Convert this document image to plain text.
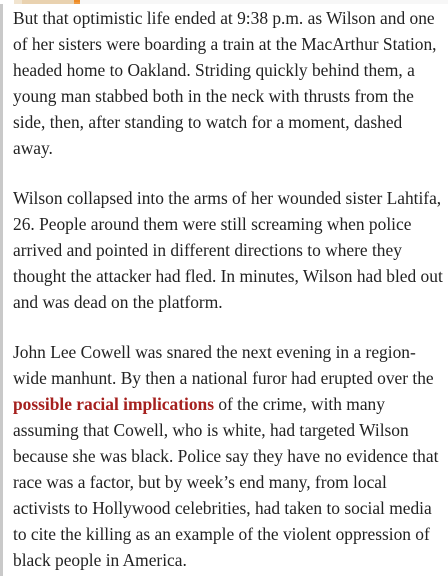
But that optimistic life ended at 9:38 p.m. as Wilson and one of her sisters were boarding a train at the MacArthur Station, headed home to Oakland. Striding quickly behind them, a young man stabbed both in the neck with thrusts from the side, then, after standing to watch for a moment, dashed away.

Wilson collapsed into the arms of her wounded sister Lahtifa, 26. People around them were still screaming when police arrived and pointed in different directions to where they thought the attacker had fled. In minutes, Wilson had bled out and was dead on the platform.

John Lee Cowell was snared the next evening in a region-wide manhunt. By then a national furor had erupted over the possible racial implications of the crime, with many assuming that Cowell, who is white, had targeted Wilson because she was black. Police say they have no evidence that race was a factor, but by week’s end many, from local activists to Hollywood celebrities, had taken to social media to cite the killing as an example of the violent oppression of black people in America.
